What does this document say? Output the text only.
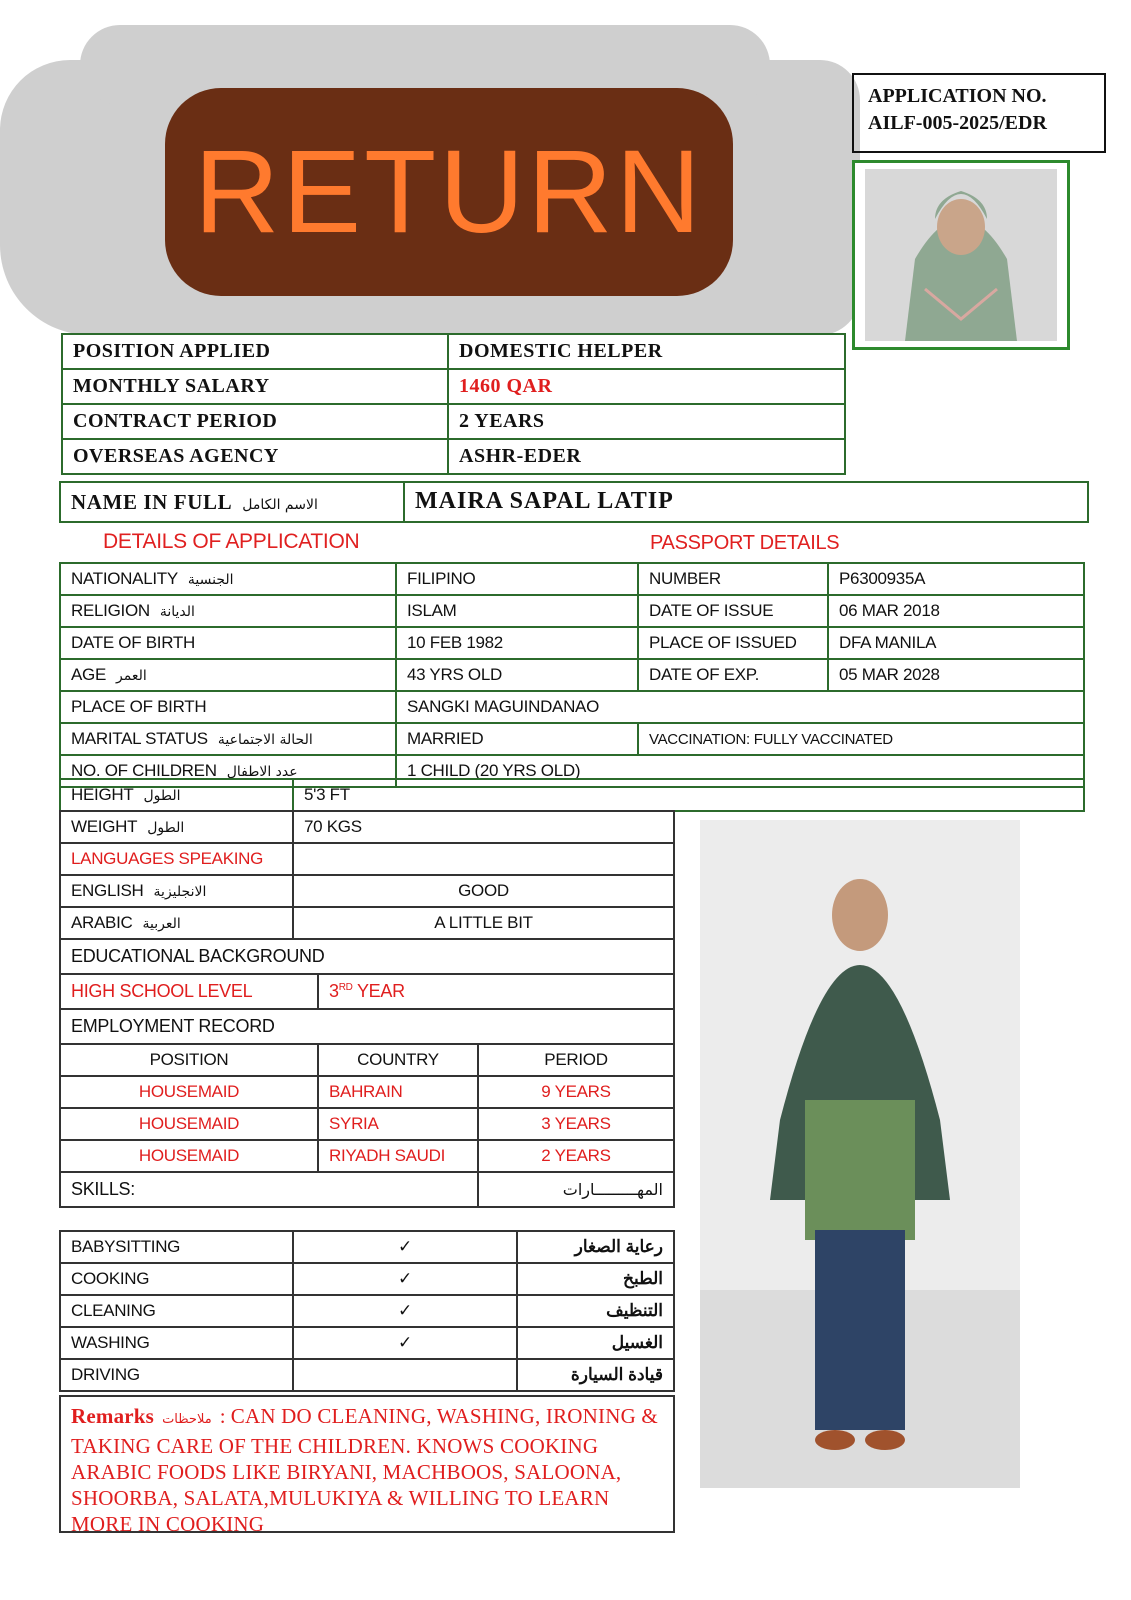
RETURN
APPLICATION NO.
AILF-005-2025/EDR
POSITION APPLIED	DOMESTIC HELPER
MONTHLY SALARY	1460 QAR
CONTRACT PERIOD	2 YEARS
OVERSEAS AGENCY	ASHR-EDER
NAME IN FULL الاسم الكامل	MAIRA SAPAL LATIP
DETAILS OF APPLICATION	PASSPORT DETAILS
NATIONALITY الجنسية	FILIPINO	NUMBER	P6300935A
RELIGION الديانة	ISLAM	DATE OF ISSUE	06 MAR 2018
DATE OF BIRTH	10 FEB 1982	PLACE OF ISSUED	DFA MANILA
AGE العمر	43 YRS OLD	DATE OF EXP.	05 MAR 2028
PLACE OF BIRTH	SANGKI MAGUINDANAO		
MARITAL STATUS الحالة الاجتماعية	MARRIED	VACCINATION: FULLY VACCINATED	
NO. OF CHILDREN عدد الاطفال	1 CHILD (20 YRS OLD)		
HEIGHT الطول	5'3 FT
WEIGHT الطول	70 KGS		
LANGUAGES SPEAKING			
ENGLISH الانجليزية	GOOD		
ARABIC العربية	A LITTLE BIT		
EDUCATIONAL BACKGROUND			
HIGH SCHOOL LEVEL		3RD YEAR	
EMPLOYMENT RECORD			
POSITION		COUNTRY	PERIOD
HOUSEMAID		BAHRAIN	9 YEARS
HOUSEMAID		SYRIA	3 YEARS
HOUSEMAID		RIYADH SAUDI	2 YEARS
SKILLS:			المهـــــــــارات
BABYSITTING	✓	رعاية الصغار
COOKING	✓	الطبخ
CLEANING	✓	التنظيف
WASHING	✓	الغسيل
DRIVING		قيادة السيارة
Remarks ملاحظات : CAN DO CLEANING, WASHING, IRONING & TAKING CARE OF THE CHILDREN. KNOWS COOKING ARABIC FOODS LIKE BIRYANI, MACHBOOS, SALOONA, SHOORBA, SALATA,MULUKIYA & WILLING TO LEARN MORE IN COOKING
